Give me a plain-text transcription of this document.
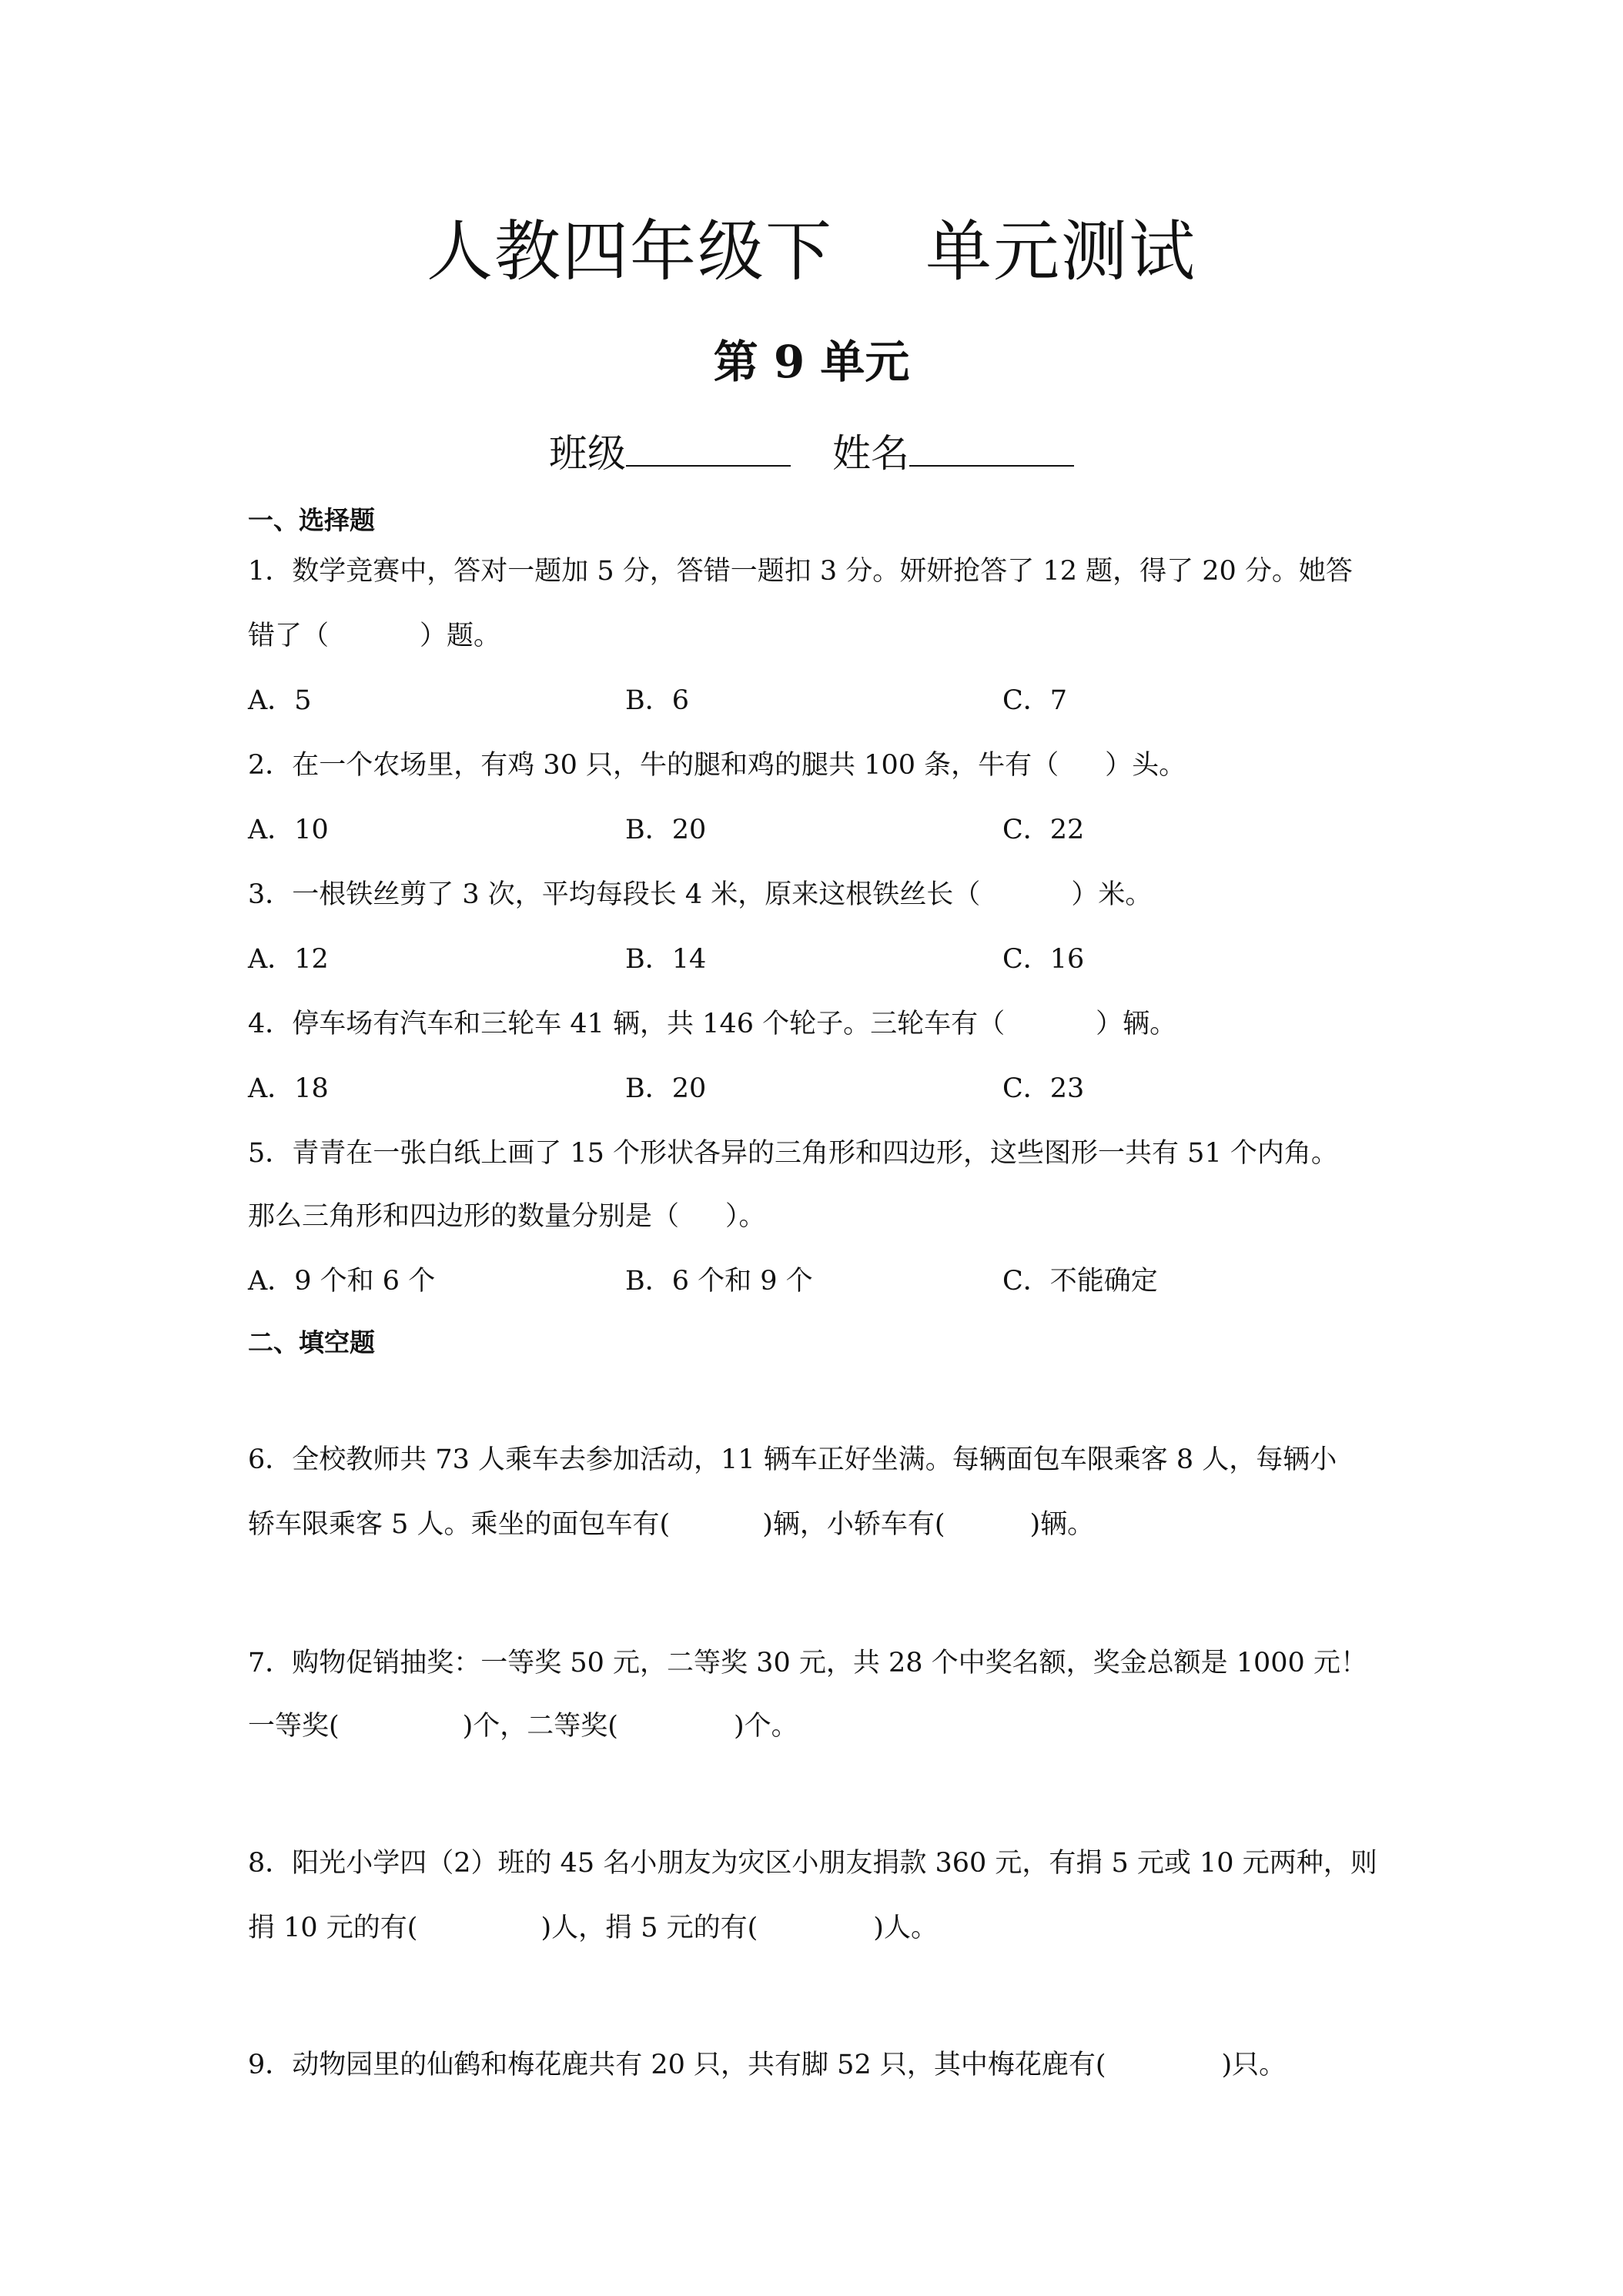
人教四年级下 单元测试
第 9 单元
班级	姓名
一、选择题
1．数学竞赛中，答对一题加 5 分，答错一题扣 3 分。妍妍抢答了 12 题，得了 20 分。她答
错了（	）题。
A．5	B．6	C．7
2．在一个农场里，有鸡 30 只，牛的腿和鸡的腿共 100 条，牛有（ ）头。
A．10	B．20	C．22
3．一根铁丝剪了 3 次，平均每段长 4 米，原来这根铁丝长（	）米。
A．12	B．14	C．16
4．停车场有汽车和三轮车 41 辆，共 146 个轮子。三轮车有（	）辆。
A．18	B．20	C．23
5．青青在一张白纸上画了 15 个形状各异的三角形和四边形，这些图形一共有 51 个内角。
那么三角形和四边形的数量分别是（ ）。
A．9 个和 6 个	B．6 个和 9 个	C．不能确定
二、填空题
6．全校教师共 73 人乘车去参加活动，11 辆车正好坐满。每辆面包车限乘客 8 人，每辆小
轿车限乘客 5 人。乘坐的面包车有(	)辆，小轿车有(	)辆。
7．购物促销抽奖：一等奖 50 元，二等奖 30 元，共 28 个中奖名额，奖金总额是 1000 元！
一等奖(	)个，二等奖(	)个。
8．阳光小学四（2）班的 45 名小朋友为灾区小朋友捐款 360 元，有捐 5 元或 10 元两种，则
捐 10 元的有(	)人，捐 5 元的有(	)人。
9．动物园里的仙鹤和梅花鹿共有 20 只，共有脚 52 只，其中梅花鹿有(	)只。
